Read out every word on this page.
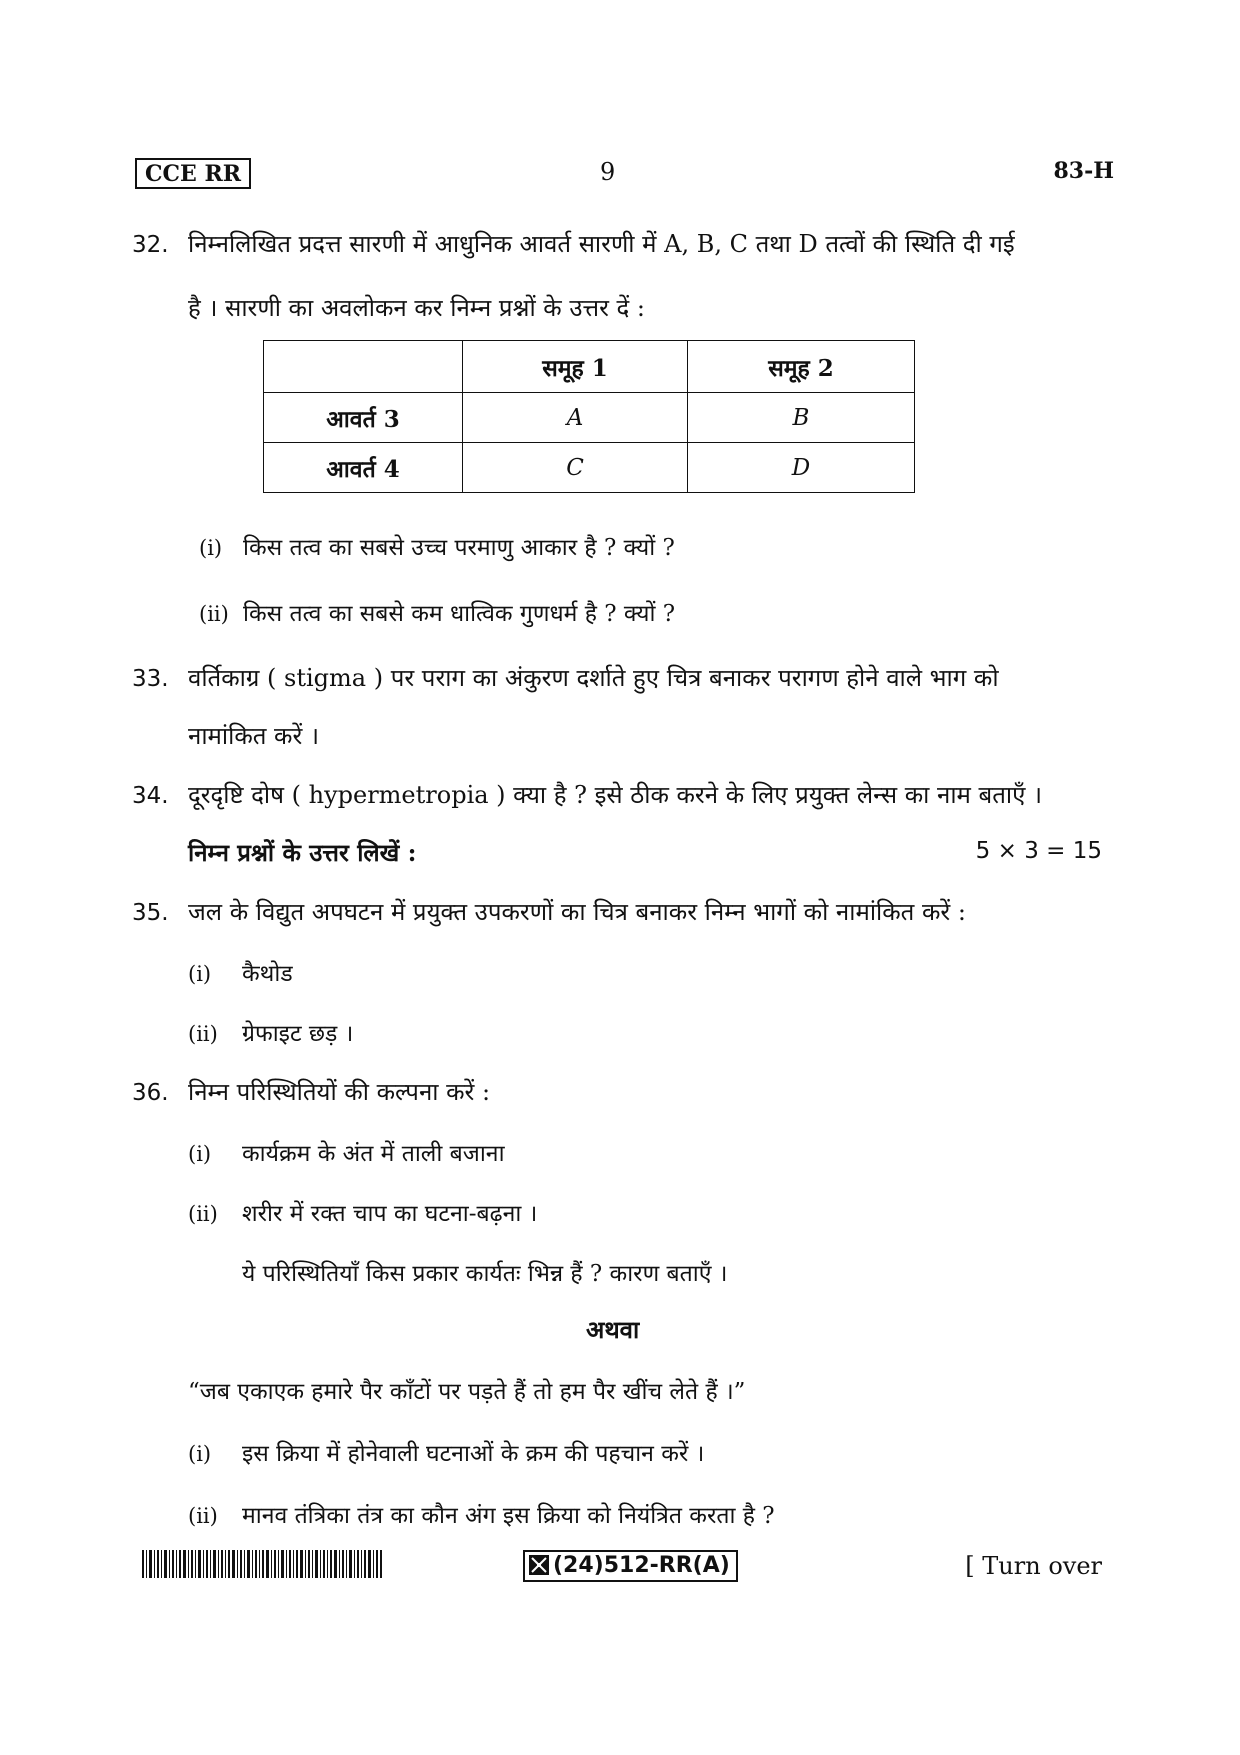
CCE RR	9	83-H
32. निम्नलिखित प्रदत्त सारणी में आधुनिक आवर्त सारणी में A, B, C तथा D तत्वों की स्थिति दी गई
है । सारणी का अवलोकन कर निम्न प्रश्नों के उत्तर दें :
	समूह 1	समूह 2
आवर्त 3	A	B
आवर्त 4	C	D
(i) किस तत्व का सबसे उच्च परमाणु आकार है ? क्यों ?
(ii) किस तत्व का सबसे कम धात्विक गुणधर्म है ? क्यों ?
33. वर्तिकाग्र ( stigma ) पर पराग का अंकुरण दर्शाते हुए चित्र बनाकर परागण होने वाले भाग को
नामांकित करें ।
34. दूरदृष्टि दोष ( hypermetropia ) क्या है ? इसे ठीक करने के लिए प्रयुक्त लेन्स का नाम बताएँ ।
निम्न प्रश्नों के उत्तर लिखें :	5 × 3 = 15
35. जल के विद्युत अपघटन में प्रयुक्त उपकरणों का चित्र बनाकर निम्न भागों को नामांकित करें :
(i) कैथोड
(ii) ग्रेफाइट छड़ ।
36. निम्न परिस्थितियों की कल्पना करें :
(i) कार्यक्रम के अंत में ताली बजाना
(ii) शरीर में रक्त चाप का घटना-बढ़ना ।
ये परिस्थितियाँ किस प्रकार कार्यतः भिन्न हैं ? कारण बताएँ ।
अथवा
“जब एकाएक हमारे पैर काँटों पर पड़ते हैं तो हम पैर खींच लेते हैं ।”
(i) इस क्रिया में होनेवाली घटनाओं के क्रम की पहचान करें ।
(ii) मानव तंत्रिका तंत्र का कौन अंग इस क्रिया को नियंत्रित करता है ?
(24)512-RR(A)	[ Turn over
